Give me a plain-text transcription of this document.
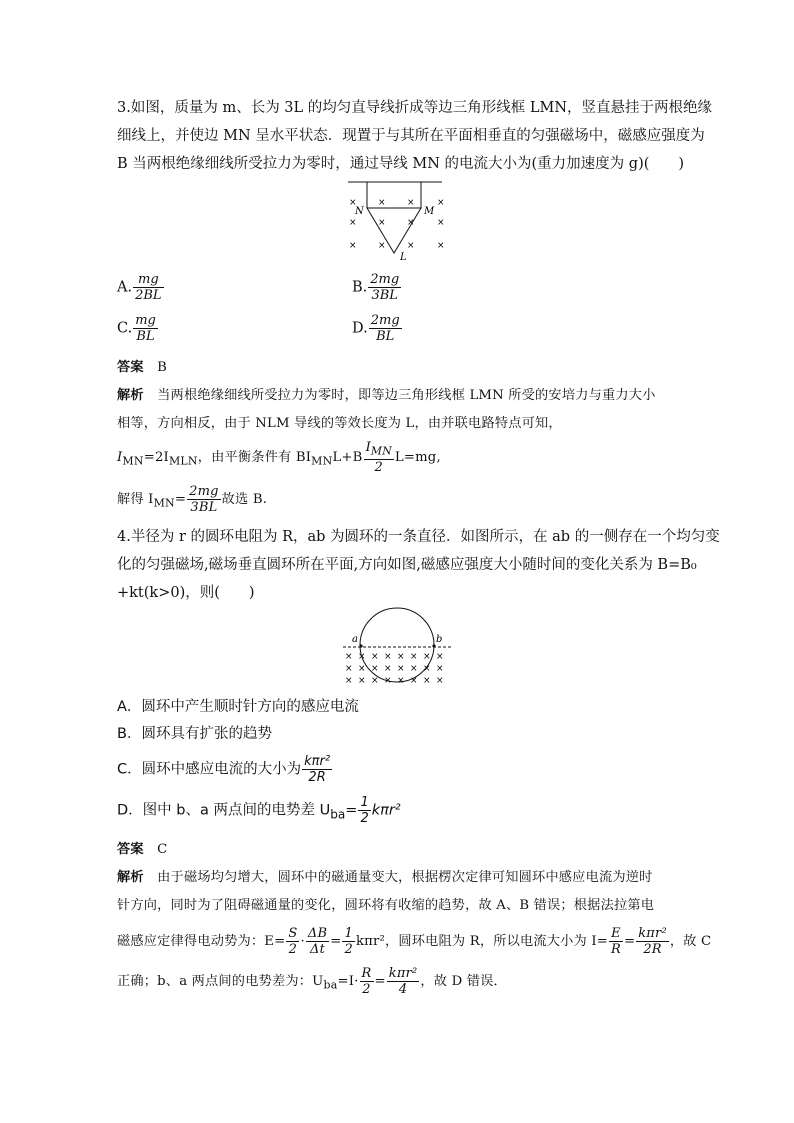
3.如图，质量为 m、长为 3L 的均匀直导线折成等边三角形线框 LMN，竖直悬挂于两根绝缘
细线上，并使边 MN 呈水平状态．现置于与其所在平面相垂直的匀强磁场中，磁感应强度为
B 当两根绝缘细线所受拉力为零时，通过导线 MN 的电流大小为(重力加速度为 g)(　　)
N	M
L
× × × ×
× × × ×
× × × ×
A. $\frac{mg}{2BL}$	B. $\frac{2mg}{3BL}$
C. $\frac{mg}{BL}$	D. $\frac{2mg}{BL}$
答案　 B
解析　 当两根绝缘细线所受拉力为零时，即等边三角形线框 LMN 所受的安培力与重力大小
相等，方向相反，由于 NLM 导线的等效长度为 L，由并联电路特点可知，
$I_{MN}=2I_{MLN}$，由平衡条件有 $BI_{MN}L+B \frac{I_{MN}}{2} L=mg$,
解得 $I_{MN}= \frac{2mg}{3BL}$ 故选 B.
4.半径为 r 的圆环电阻为 R，ab 为圆环的一条直径．如图所示，在 ab 的一侧存在一个均匀变
化的匀强磁场,磁场垂直圆环所在平面,方向如图,磁感应强度大小随时间的变化关系为 B=B₀
+kt(k>0)，则(　　)
a	b
× × × × × × × ×
× × × × × × × ×
× × × × × × × ×
A．圆环中产生顺时针方向的感应电流
B．圆环具有扩张的趋势
C．圆环中感应电流的大小为 $\frac{\text{kπr²}}{2R}$
D．图中 b、a 两点间的电势差 $U_{ba}= \frac{1}{2} k\pi r^2$
答案　 C
解析　 由于磁场均匀增大，圆环中的磁通量变大，根据楞次定律可知圆环中感应电流为逆时
针方向，同时为了阻碍磁通量的变化，圆环将有收缩的趋势，故 A、B 错误；根据法拉第电
磁感应定律得电动势为：$E= \frac{S}{2} \cdot \frac{\Delta B}{\Delta t} = \frac{1}{2} k\pi r^2$，圆环电阻为 R，所以电流大小为 $I= \frac{E}{R} = \frac{\text{kπr²}}{2R}$ ，故 C
正确；b、a 两点间的电势差为：$U_{ba}=I\cdot \frac{R}{2} = \frac{\text{kπr²}}{4}$ ，故 D 错误．
